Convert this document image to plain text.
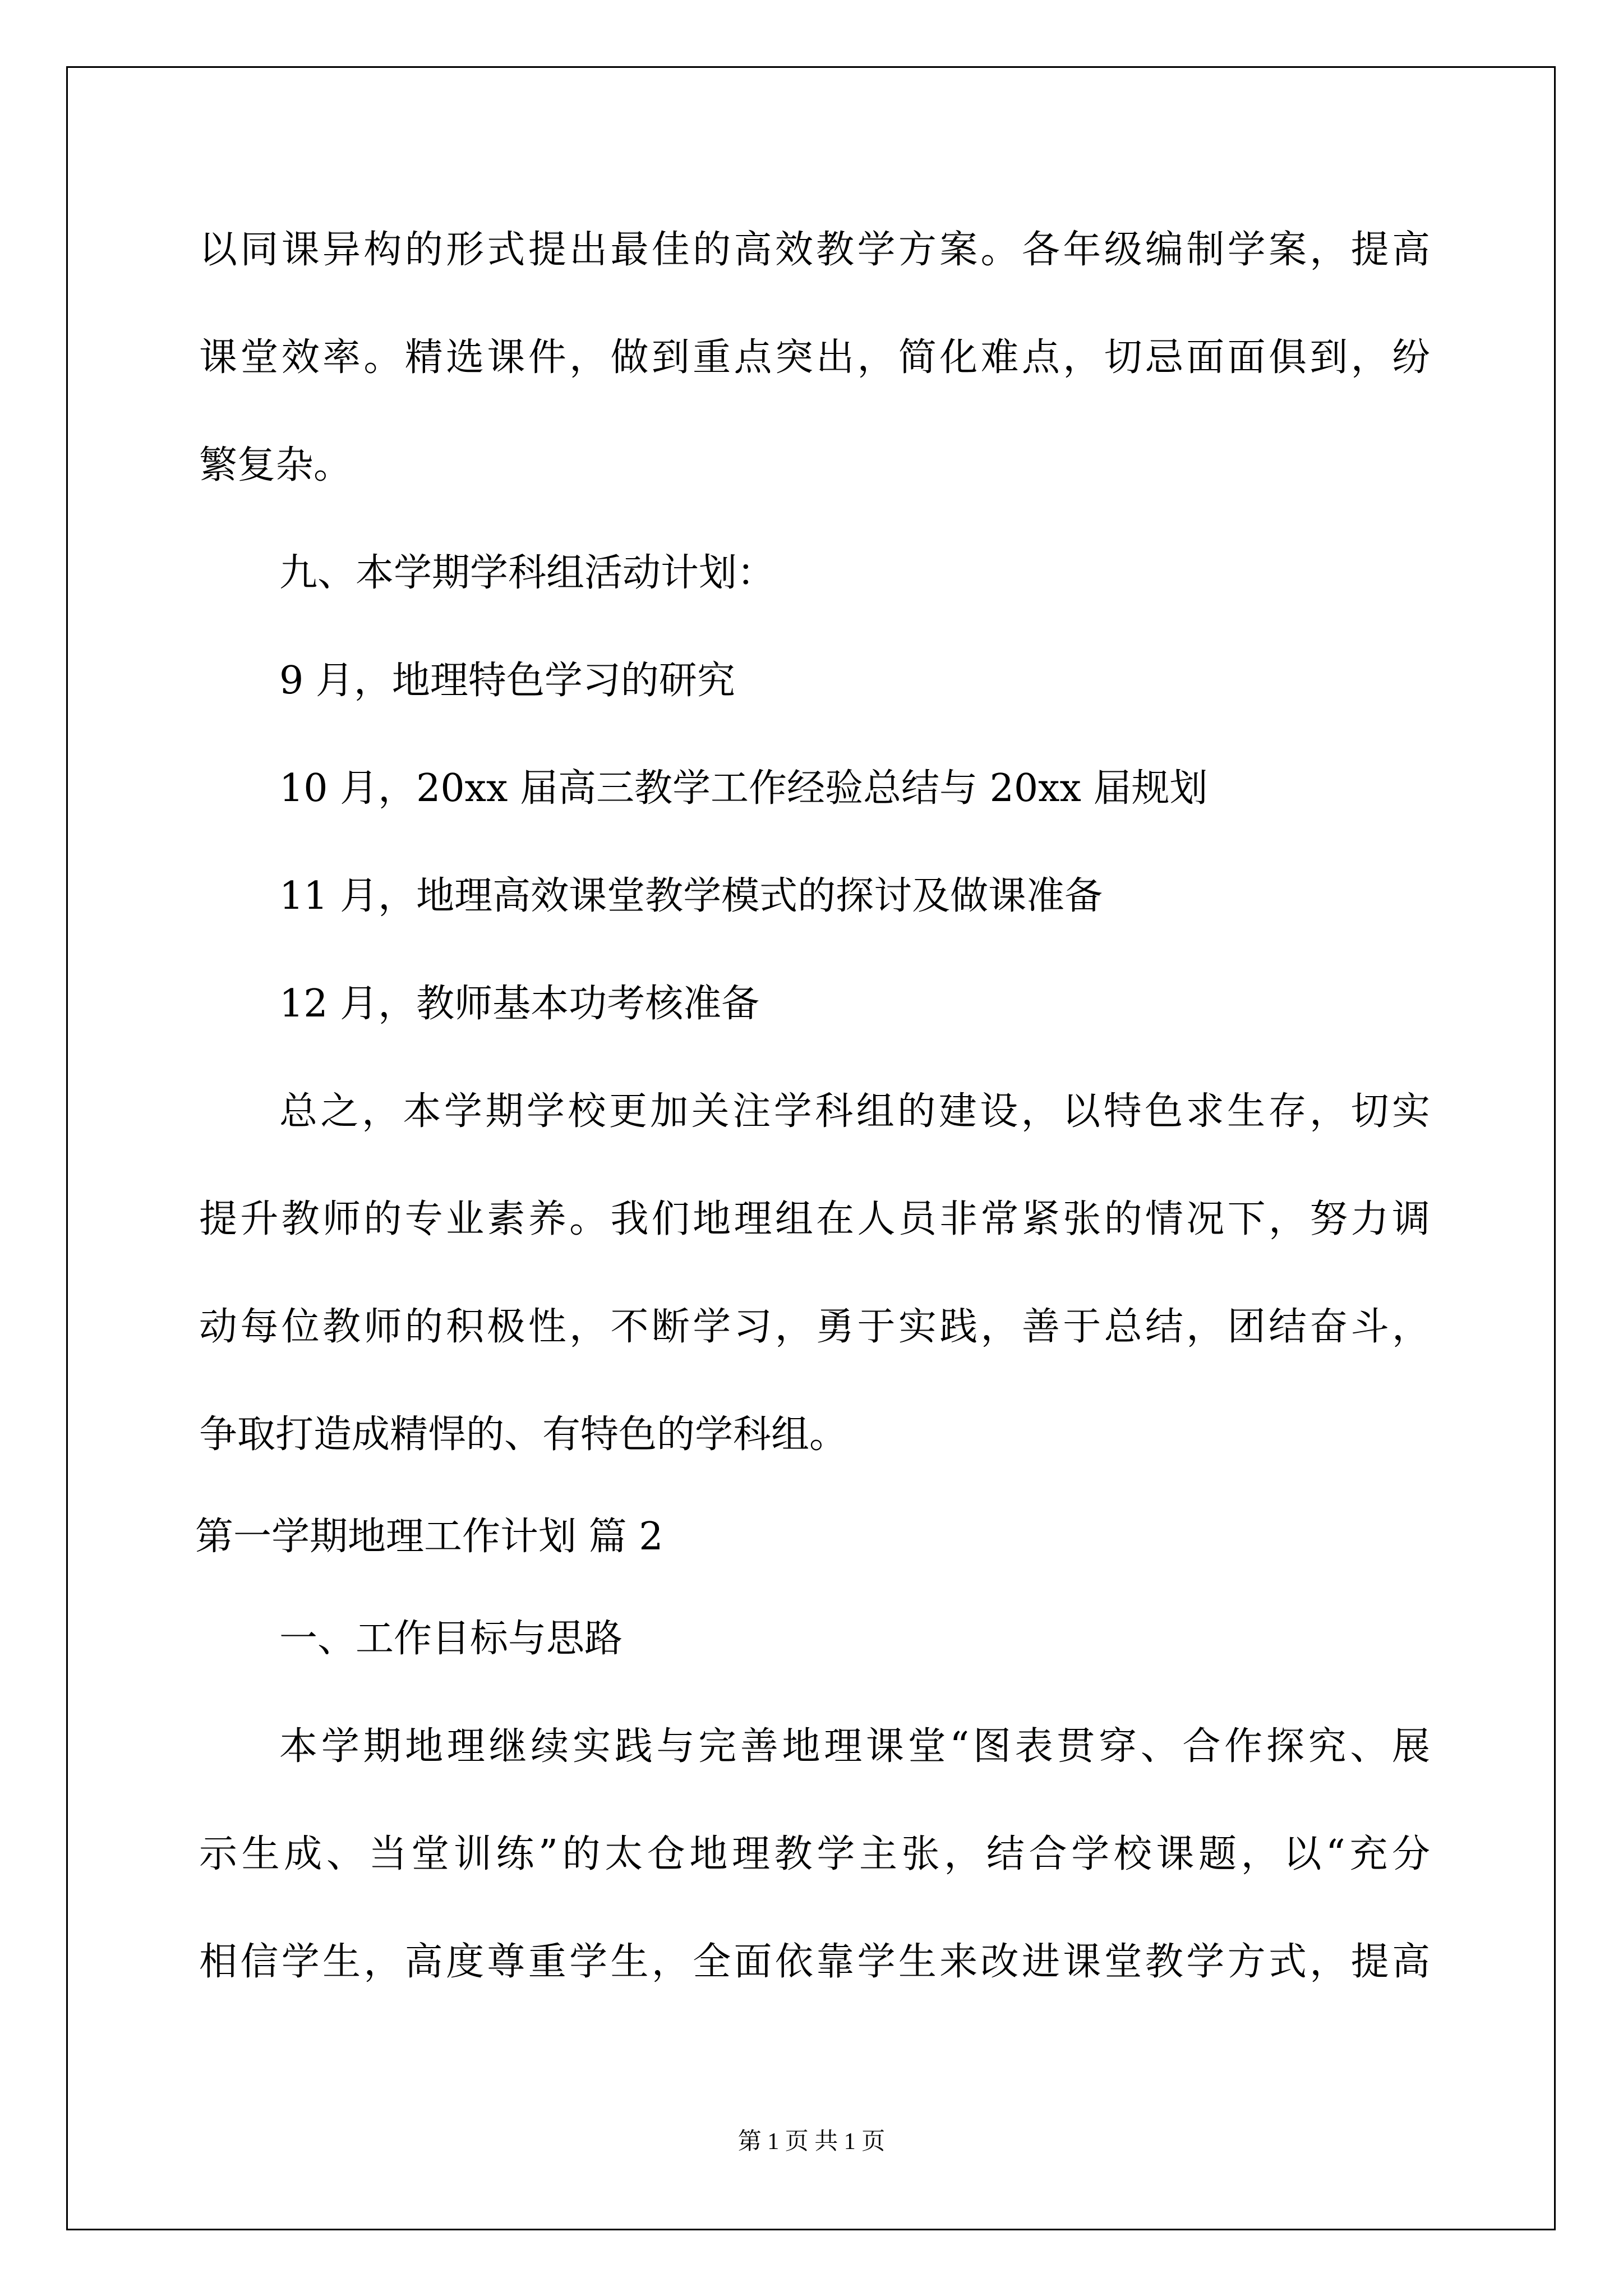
以同课异构的形式提出最佳的高效教学方案。各年级编制学案，提高
课堂效率。精选课件，做到重点突出，简化难点，切忌面面俱到，纷
繁复杂。
九、本学期学科组活动计划：
9 月，地理特色学习的研究
10 月，20xx 届高三教学工作经验总结与 20xx 届规划
11 月，地理高效课堂教学模式的探讨及做课准备
12 月，教师基本功考核准备
总之，本学期学校更加关注学科组的建设，以特色求生存，切实
提升教师的专业素养。我们地理组在人员非常紧张的情况下，努力调
动每位教师的积极性，不断学习，勇于实践，善于总结，团结奋斗，
争取打造成精悍的、有特色的学科组。
第一学期地理工作计划 篇 2
一、工作目标与思路
本学期地理继续实践与完善地理课堂“图表贯穿、合作探究、展
示生成、当堂训练”的太仓地理教学主张，结合学校课题，以“充分
相信学生，高度尊重学生，全面依靠学生来改进课堂教学方式，提高
第 1 页 共 1 页
